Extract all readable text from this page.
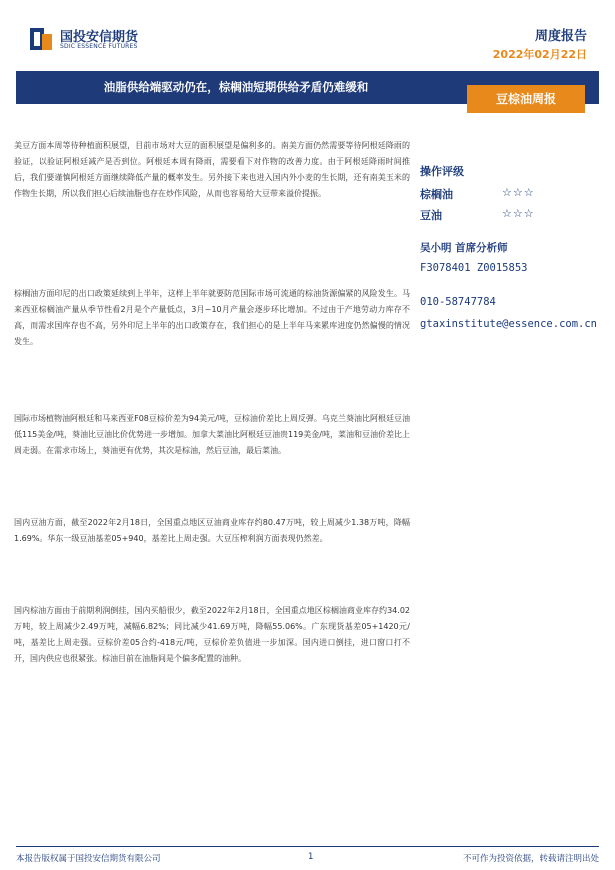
国投安信期货
SDIC ESSENCE FUTURES
周度报告
2022年02月22日
油脂供给端驱动仍在，棕榈油短期供给矛盾仍难缓和
豆棕油周报
美豆方面本周等待种植面积展望，目前市场对大豆的面积展望是偏利多的。南美方面仍然需要等待阿根廷降雨的验证，以验证阿根廷减产是否到位。阿根廷本周有降雨，需要看下对作物的改善力度。由于阿根廷降雨时间推后，我们要谨慎阿根廷方面继续降低产量的概率发生。另外接下来也进入国内外小麦的生长期，还有南美玉米的作物生长期，所以我们担心后续油脂也存在炒作风险，从而也容易给大豆带来溢价提振。
棕榈油方面印尼的出口政策延续到上半年，这样上半年就要防范国际市场可流通的棕油货源偏紧的风险发生。马来西亚棕榈油产量从季节性看2月是个产量低点，3月~10月产量会逐步环比增加。不过由于产地劳动力库存不高，而需求国库存也不高，另外印尼上半年的出口政策存在，我们担心的是上半年马来累库进度仍然偏慢的情况发生。
国际市场植物油阿根廷和马来西亚F08豆棕价差为94美元/吨，豆棕油价差比上周反弹。乌克兰葵油比阿根廷豆油低115美金/吨，葵油比豆油比价优势进一步增加。加拿大菜油比阿根廷豆油贵119美金/吨，菜油和豆油价差比上周走弱。在需求市场上，葵油更有优势，其次是棕油，然后豆油，最后菜油。
国内豆油方面，截至2022年2月18日，全国重点地区豆油商业库存约80.47万吨，较上周减少1.38万吨，降幅1.69%。华东一级豆油基差05+940，基差比上周走强。大豆压榨利润方面表现仍然差。
国内棕油方面由于前期利润倒挂，国内买船很少，截至2022年2月18日，全国重点地区棕榈油商业库存约34.02万吨，较上周减少2.49万吨，减幅6.82%；同比减少41.69万吨，降幅55.06%。广东现货基差05+1420元/吨，基差比上周走强。豆棕价差05合约-418元/吨，豆棕价差负值进一步加深。国内进口倒挂，进口窗口打不开，国内供应也很紧张。棕油目前在油脂间是个偏多配置的油种。
操作评级
棕榈油	☆☆☆
豆油	☆☆☆
吴小明 首席分析师
F3078401 Z0015853
010-58747784
gtaxinstitute@essence.com.cn
本报告版权属于国投安信期货有限公司	1	不可作为投资依据，转载请注明出处
